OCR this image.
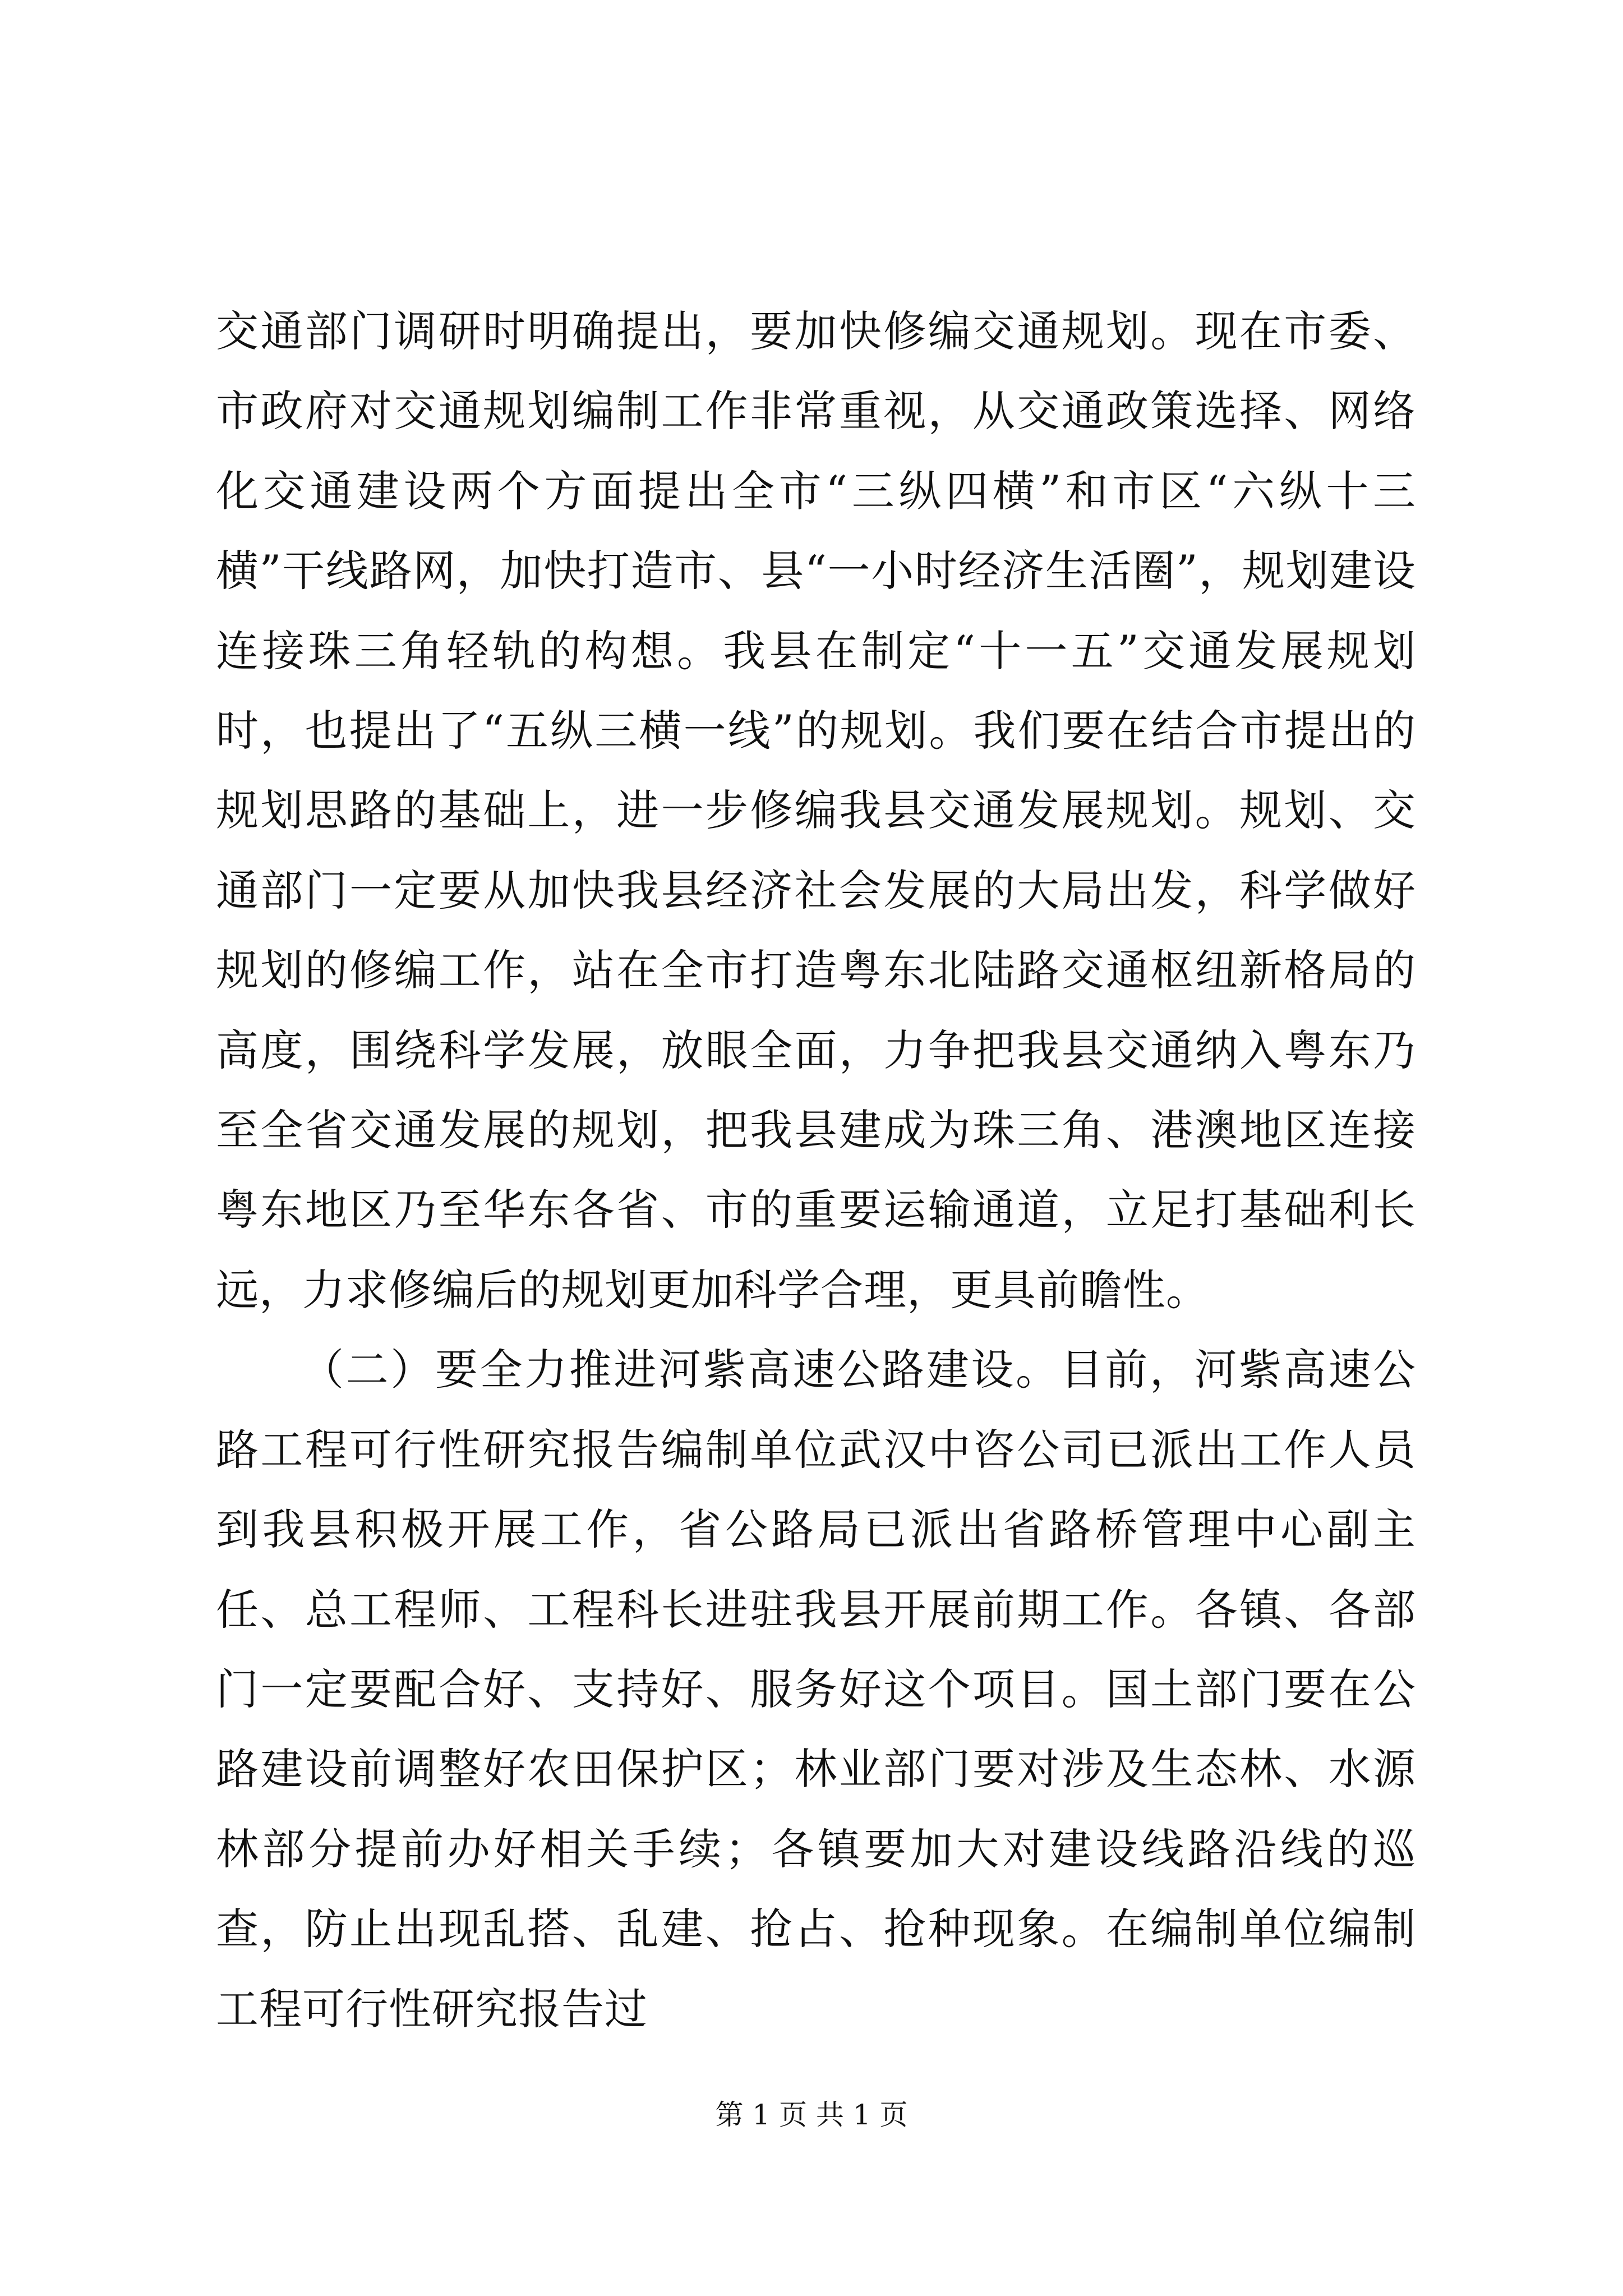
交通部门调研时明确提出，要加快修编交通规划。现在市委、市政府对交通规划编制工作非常重视，从交通政策选择、网络化交通建设两个方面提出全市“三纵四横”和市区“六纵十三横”干线路网，加快打造市、县“一小时经济生活圈”，规划建设连接珠三角轻轨的构想。我县在制定“十一五”交通发展规划时，也提出了“五纵三横一线”的规划。我们要在结合市提出的规划思路的基础上，进一步修编我县交通发展规划。规划、交通部门一定要从加快我县经济社会发展的大局出发，科学做好规划的修编工作，站在全市打造粤东北陆路交通枢纽新格局的高度，围绕科学发展，放眼全面，力争把我县交通纳入粤东乃至全省交通发展的规划，把我县建成为珠三角、港澳地区连接粤东地区乃至华东各省、市的重要运输通道，立足打基础利长远，力求修编后的规划更加科学合理，更具前瞻性。

（二）要全力推进河紫高速公路建设。目前，河紫高速公路工程可行性研究报告编制单位武汉中咨公司已派出工作人员到我县积极开展工作，省公路局已派出省路桥管理中心副主任、总工程师、工程科长进驻我县开展前期工作。各镇、各部门一定要配合好、支持好、服务好这个项目。国土部门要在公路建设前调整好农田保护区；林业部门要对涉及生态林、水源林部分提前办好相关手续；各镇要加大对建设线路沿线的巡查，防止出现乱搭、乱建、抢占、抢种现象。在编制单位编制工程可行性研究报告过

第 1 页 共 1 页
